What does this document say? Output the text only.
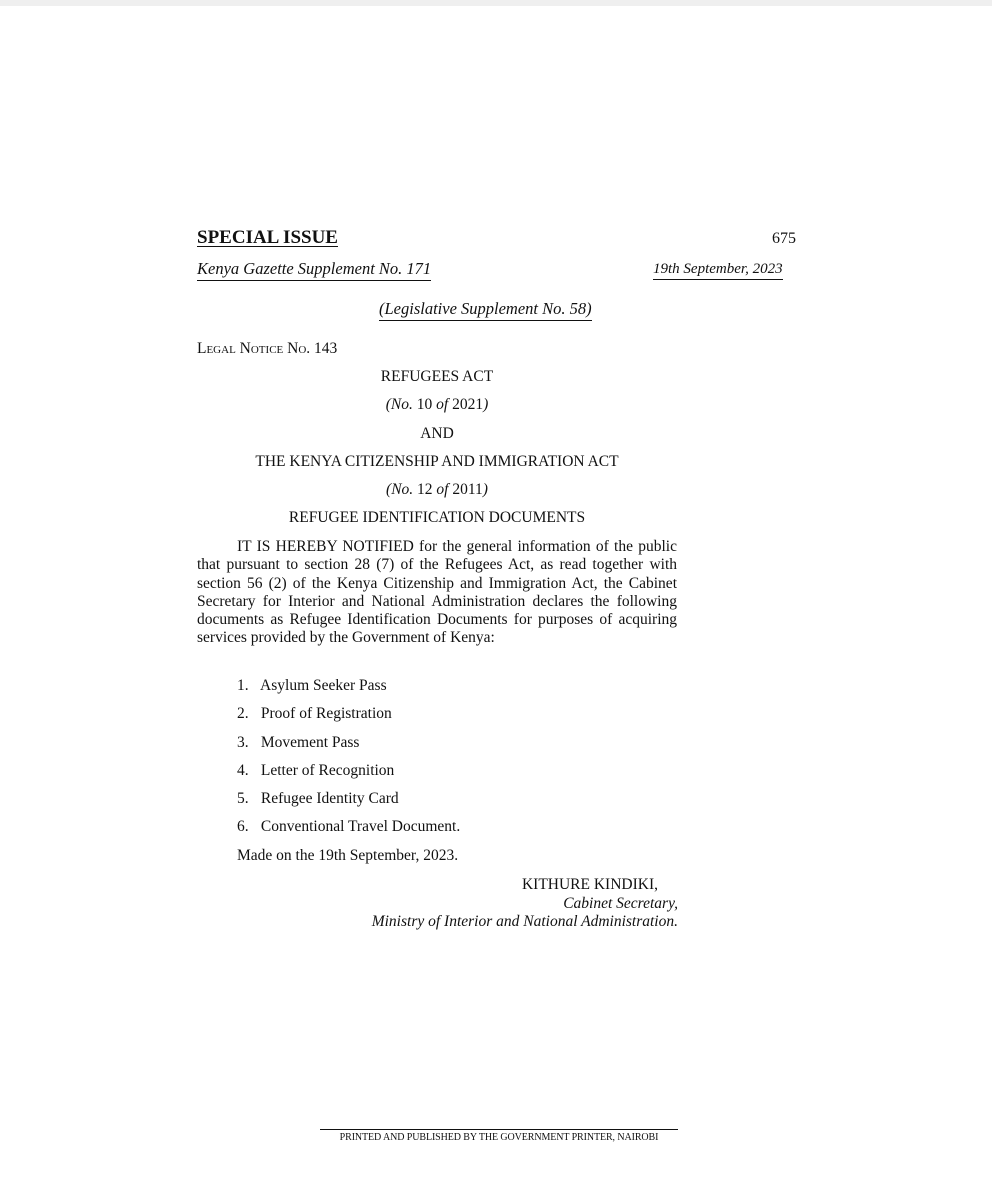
SPECIAL ISSUE	675
Kenya Gazette Supplement No. 171	19th September, 2023
(Legislative Supplement No. 58)
Legal Notice No. 143
REFUGEES ACT
(No. 10 of 2021)
AND
THE KENYA CITIZENSHIP AND IMMIGRATION ACT
(No. 12 of 2011)
REFUGEE IDENTIFICATION DOCUMENTS
IT IS HEREBY NOTIFIED for the general information of the public that pursuant to section 28 (7) of the Refugees Act, as read together with section 56 (2) of the Kenya Citizenship and Immigration Act, the Cabinet Secretary for Interior and National Administration declares the following documents as Refugee Identification Documents for purposes of acquiring services provided by the Government of Kenya:
1. Asylum Seeker Pass
2. Proof of Registration
3. Movement Pass
4. Letter of Recognition
5. Refugee Identity Card
6. Conventional Travel Document.
Made on the 19th September, 2023.
KITHURE KINDIKI,
Cabinet Secretary,
Ministry of Interior and National Administration.
PRINTED AND PUBLISHED BY THE GOVERNMENT PRINTER, NAIROBI
